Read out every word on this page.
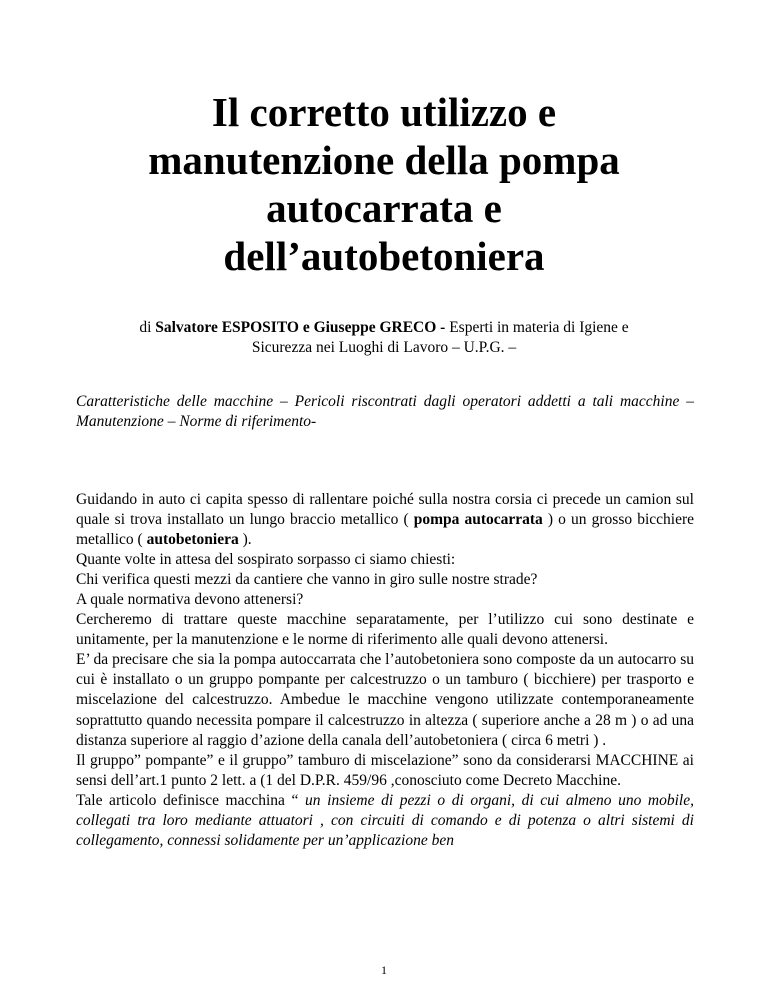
Il corretto utilizzo e
manutenzione della pompa
autocarrata e
dell’autobetoniera

di Salvatore ESPOSITO e Giuseppe GRECO - Esperti in materia di Igiene e Sicurezza nei Luoghi di Lavoro – U.P.G. –

Caratteristiche delle macchine – Pericoli riscontrati dagli operatori addetti a tali macchine – Manutenzione – Norme di riferimento-

Guidando in auto ci capita spesso di rallentare poiché sulla nostra corsia ci precede un camion sul quale si trova installato un lungo braccio metallico ( pompa autocarrata ) o un grosso bicchiere metallico ( autobetoniera ).

Quante volte in attesa del sospirato sorpasso ci siamo chiesti:

Chi verifica questi mezzi da cantiere che vanno in giro sulle nostre strade?

A quale normativa devono attenersi?

Cercheremo di trattare queste macchine separatamente, per l’utilizzo cui sono destinate e unitamente, per la manutenzione e le norme di riferimento alle quali devono attenersi.

E’ da precisare che sia la pompa autoccarrata che l’autobetoniera sono composte da un autocarro su cui è installato o un gruppo pompante per calcestruzzo o un tamburo ( bicchiere) per trasporto e miscelazione del calcestruzzo. Ambedue le macchine vengono utilizzate contemporaneamente soprattutto quando necessita pompare il calcestruzzo in altezza ( superiore anche a 28 m ) o ad una distanza superiore al raggio d’azione della canala dell’autobetoniera ( circa 6 metri ) .

Il gruppo” pompante” e il gruppo” tamburo di miscelazione” sono da considerarsi MACCHINE ai sensi dell’art.1 punto 2 lett. a (1 del D.P.R. 459/96 ,conosciuto come Decreto Macchine.

Tale articolo definisce macchina “ un insieme di pezzi o di organi, di cui almeno uno mobile, collegati tra loro mediante attuatori , con circuiti di comando e di potenza o altri sistemi di collegamento, connessi solidamente per un’applicazione ben

1
